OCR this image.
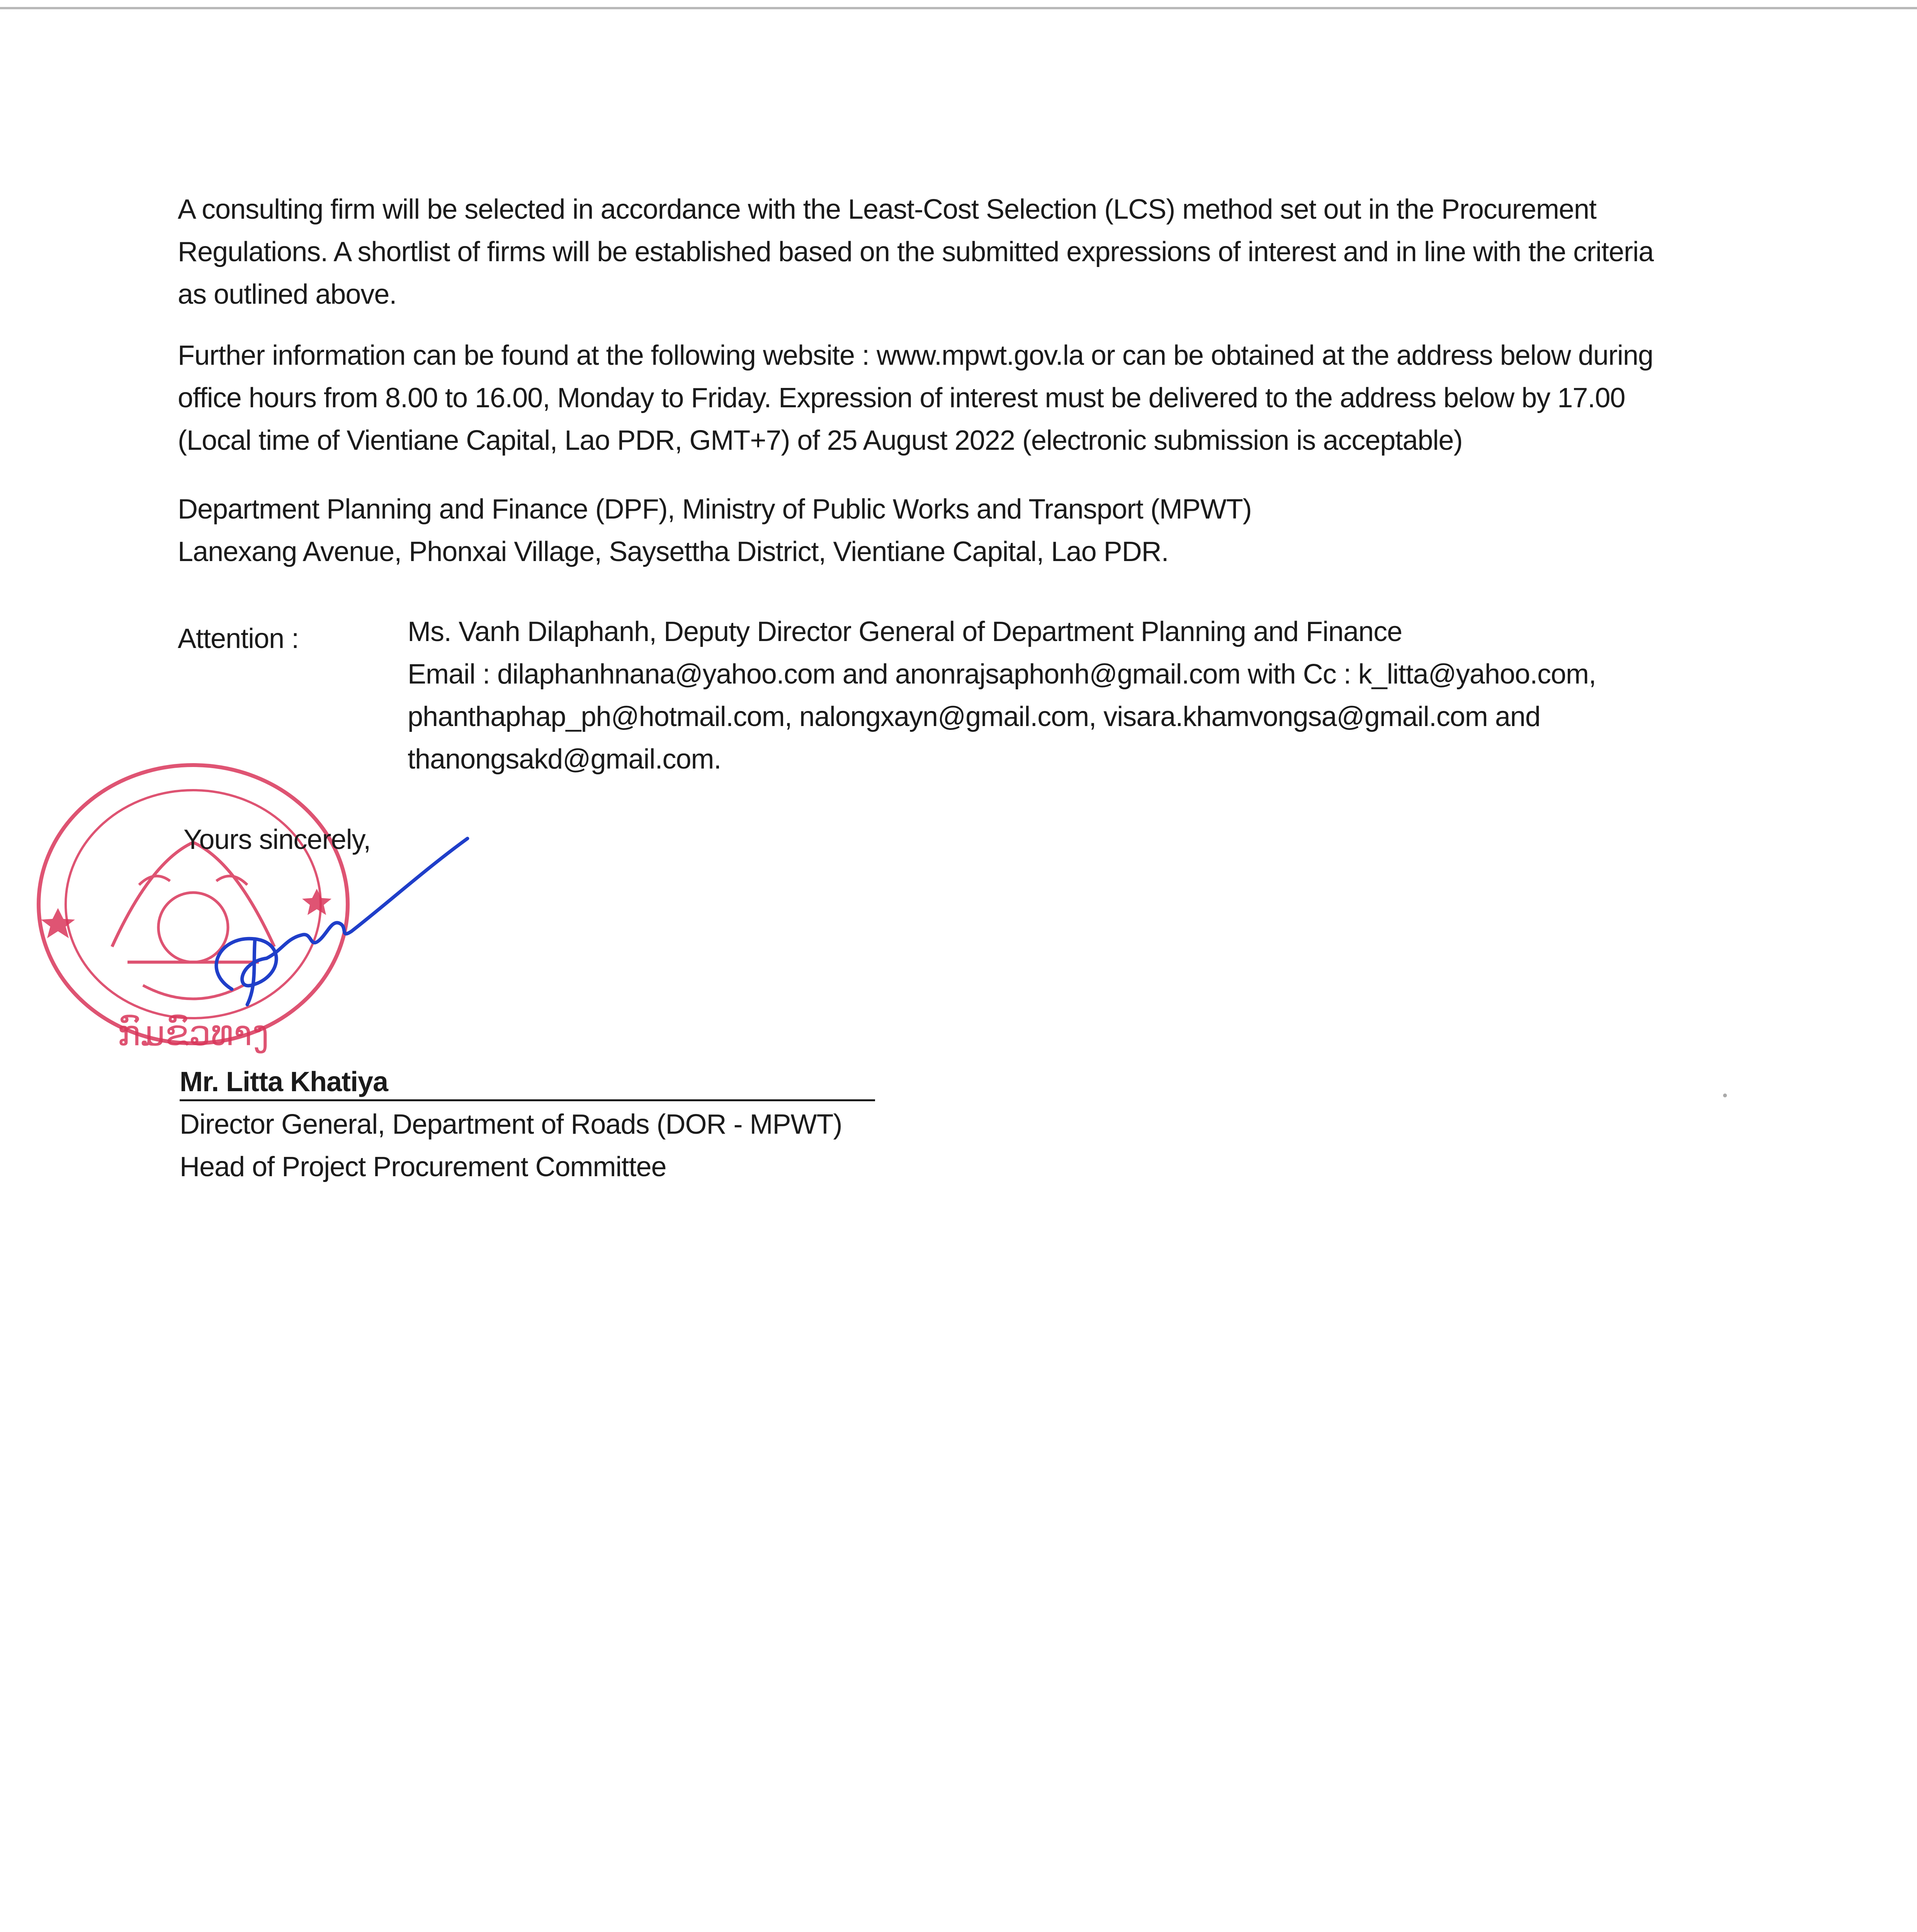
A consulting firm will be selected in accordance with the Least-Cost Selection (LCS) method set out in the Procurement
Regulations. A shortlist of firms will be established based on the submitted expressions of interest and in line with the criteria
as outlined above.
Further information can be found at the following website : www.mpwt.gov.la or can be obtained at the address below during
office hours from 8.00 to 16.00, Monday to Friday. Expression of interest must be delivered to the address below by 17.00
(Local time of Vientiane Capital, Lao PDR, GMT+7) of 25 August 2022 (electronic submission is acceptable)
Department Planning and Finance (DPF), Ministry of Public Works and Transport (MPWT)
Lanexang Avenue, Phonxai Village, Saysettha District, Vientiane Capital, Lao PDR.
Attention :	Ms. Vanh Dilaphanh, Deputy Director General of Department Planning and Finance
Email : dilaphanhnana@yahoo.com and anonrajsaphonh@gmail.com with Cc : k_litta@yahoo.com,
phanthaphap_ph@hotmail.com, nalongxayn@gmail.com, visara.khamvongsa@gmail.com and
thanongsakd@gmail.com.
ກົມຂົວທາງ
Yours sincerely,
Mr. Litta Khatiya
Director General, Department of Roads (DOR - MPWT)
Head of Project Procurement Committee
